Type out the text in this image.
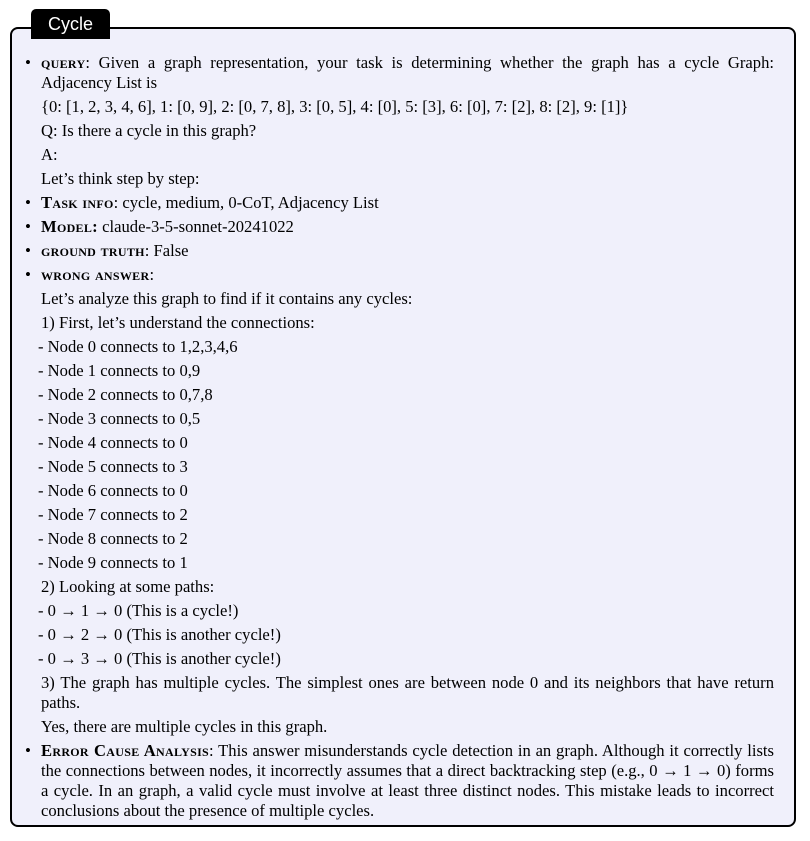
Cycle
• query: Given a graph representation, your task is determining whether the graph has a cycle Graph: Adjacency List is
{0: [1, 2, 3, 4, 6], 1: [0, 9], 2: [0, 7, 8], 3: [0, 5], 4: [0], 5: [3], 6: [0], 7: [2], 8: [2], 9: [1]}
Q: Is there a cycle in this graph?
A:
Let’s think step by step:
• Task info: cycle, medium, 0-CoT, Adjacency List
• Model: claude-3-5-sonnet-20241022
• ground truth: False
• wrong answer:
Let’s analyze this graph to find if it contains any cycles:
1) First, let’s understand the connections:
- Node 0 connects to 1,2,3,4,6
- Node 1 connects to 0,9
- Node 2 connects to 0,7,8
- Node 3 connects to 0,5
- Node 4 connects to 0
- Node 5 connects to 3
- Node 6 connects to 0
- Node 7 connects to 2
- Node 8 connects to 2
- Node 9 connects to 1
2) Looking at some paths:
- 0 → 1 → 0 (This is a cycle!)
- 0 → 2 → 0 (This is another cycle!)
- 0 → 3 → 0 (This is another cycle!)
3) The graph has multiple cycles. The simplest ones are between node 0 and its neighbors that have return paths.
Yes, there are multiple cycles in this graph.
• Error Cause Analysis: This answer misunderstands cycle detection in an graph. Although it correctly lists the connections between nodes, it incorrectly assumes that a direct backtracking step (e.g., 0 → 1 → 0) forms a cycle. In an graph, a valid cycle must involve at least three distinct nodes. This mistake leads to incorrect conclusions about the presence of multiple cycles.
